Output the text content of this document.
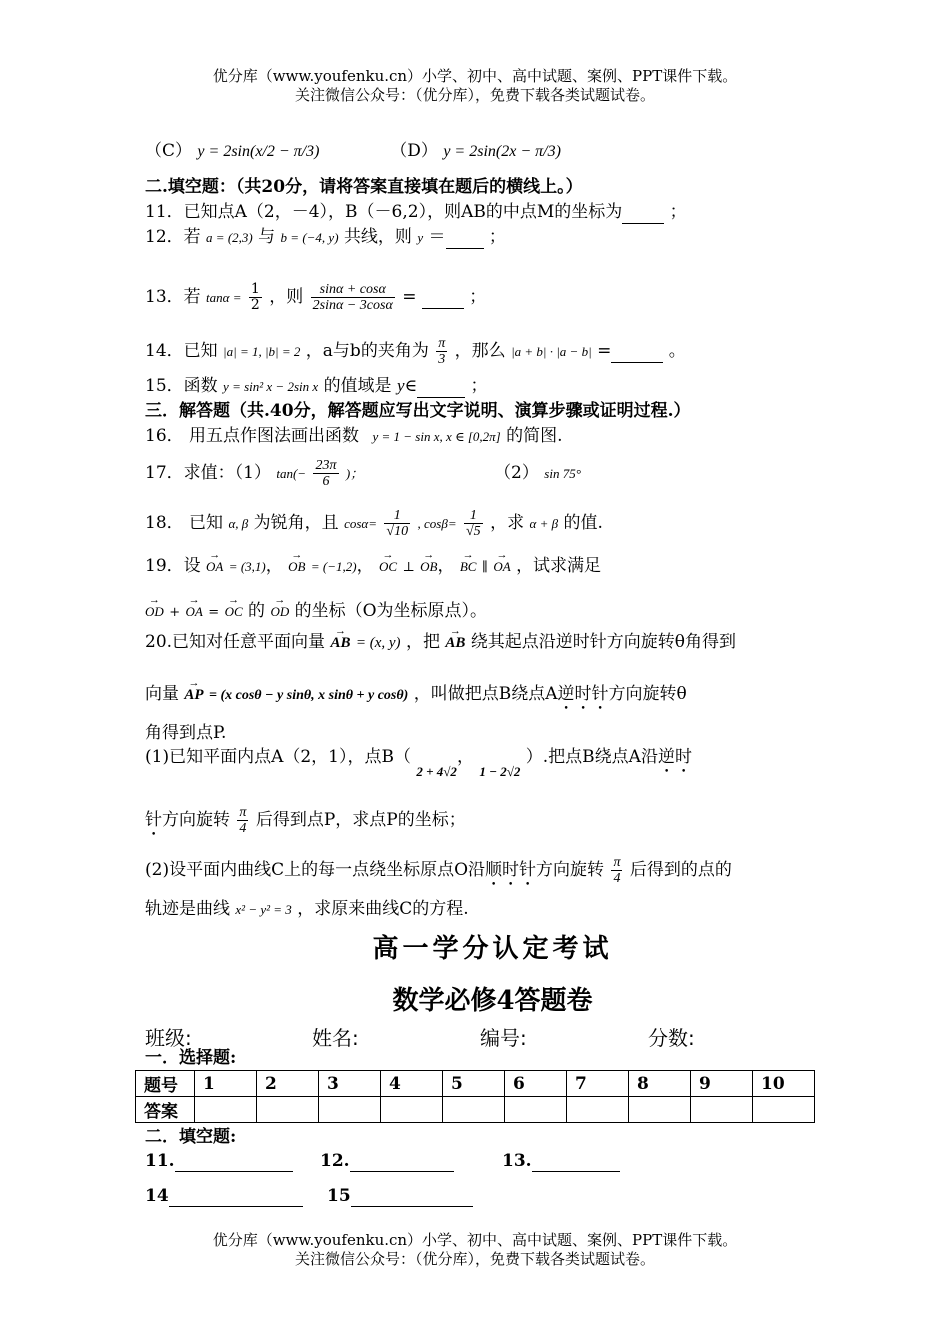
优分库（www.youfenku.cn）小学、初中、高中试题、案例、PPT课件下载。
关注微信公众号：（优分库），免费下载各类试题试卷。
（C） y = 2sin(x/2 − π/3)	（D） y = 2sin(2x − π/3)
二.填空题：（共20分，请将答案直接填在题后的横线上。）
11．已知点A（2，－4），B（－6,2），则AB的中点M的坐标为  ；
12．若 a = (2,3) 与 b = (−4, y) 共线，则 y ＝  ；
13．若 $\tan\alpha = \frac{1}{2}$ ，则 $\frac{\sin\alpha + \cos\alpha}{2\sin\alpha - 3\cos\alpha}$ =	；
14．已知 |a| = 1, |b| = 2 ，a与b的夹角为 $\frac{\pi}{3}$ ，那么 |a + b| · |a − b| =	。
15．函数 y = sin² x − 2sin x 的值域是 y∈	；
三．解答题（共.40分，解答题应写出文字说明、演算步骤或证明过程.）
16． 用五点作图法画出函数 y = 1 − sin x, x ∈ [0,2π] 的简图.
17．求值：（1） $\tan(- \frac{23\pi}{6}$ )；	（2） sin 75°
18． 已知 α, β 为锐角，且 $\cos\alpha= \frac{1}{√10}$ , $\cos\beta= \frac{1}{√5}$ ，求 α + β 的值.
19．设 → OA = (3,1)， → OB = (−1,2)， → OC ⊥ → OB， → BC ∥ → OA ，试求满足
→ OD + → OA = → OC 的 → OD 的坐标（O为坐标原点）。
20.已知对任意平面向量 → AB = (x, y) ，把 → AB 绕其起点沿逆时针方向旋转θ角得到
向量 → AP = (x cosθ − y sinθ, x sinθ + y cosθ) ，叫做把点B绕点A逆时针方向旋转θ
角得到点P.
(1)已知平面内点A（2，1），点B（ $_{2 + 4√2}$， $_{1 - 2√2}$ ）.把点B绕点A沿逆时
针方向旋转 $\frac{\pi}{4}$ 后得到点P，求点P的坐标；
(2)设平面内曲线C上的每一点绕坐标原点O沿顺时针方向旋转 $\frac{\pi}{4}$ 后得到的点的
轨迹是曲线 x² − y² = 3 ，求原来曲线C的方程.
高一学分认定考试
数学必修4答题卷
班级:	姓名:	编号:	分数:
一．选择题:
题号	1	2	3	4	5	6	7	8	9	10
答案										
二．填空题:
11.	12.	13.
14	15
优分库（www.youfenku.cn）小学、初中、高中试题、案例、PPT课件下载。
关注微信公众号：（优分库），免费下载各类试题试卷。
